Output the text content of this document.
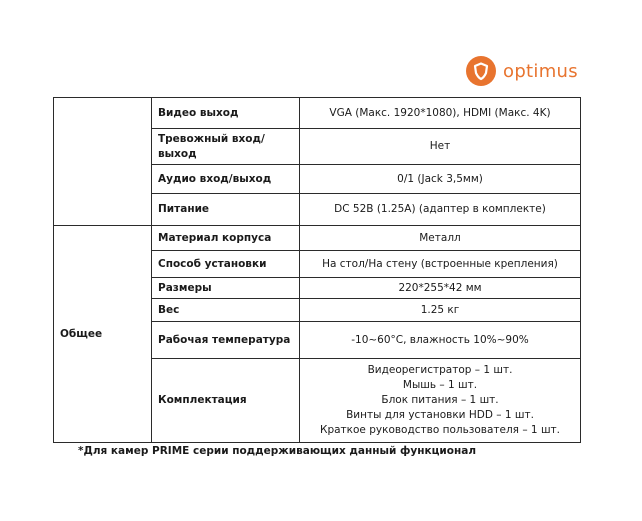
optimus
	Видео выход	VGA (Макс. 1920*1080), HDMI (Макс. 4K)
	Тревожный вход/выход	Нет
	Аудио вход/выход	0/1 (Jack 3,5мм)
	Питание	DC 52В (1.25А) (адаптер в комплекте)
Общее	Материал корпуса	Металл
	Способ установки	На стол/На стену (встроенные крепления)
	Размеры	220*255*42 мм
	Вес	1.25 кг
	Рабочая температура	-10~60°С, влажность 10%~90%
	Комплектация	Видеорегистратор – 1 шт.
Мышь – 1 шт.
Блок питания – 1 шт.
Винты для установки HDD – 1 шт.
Краткое руководство пользователя – 1 шт.
*Для камер PRIME серии поддерживающих данный функционал
